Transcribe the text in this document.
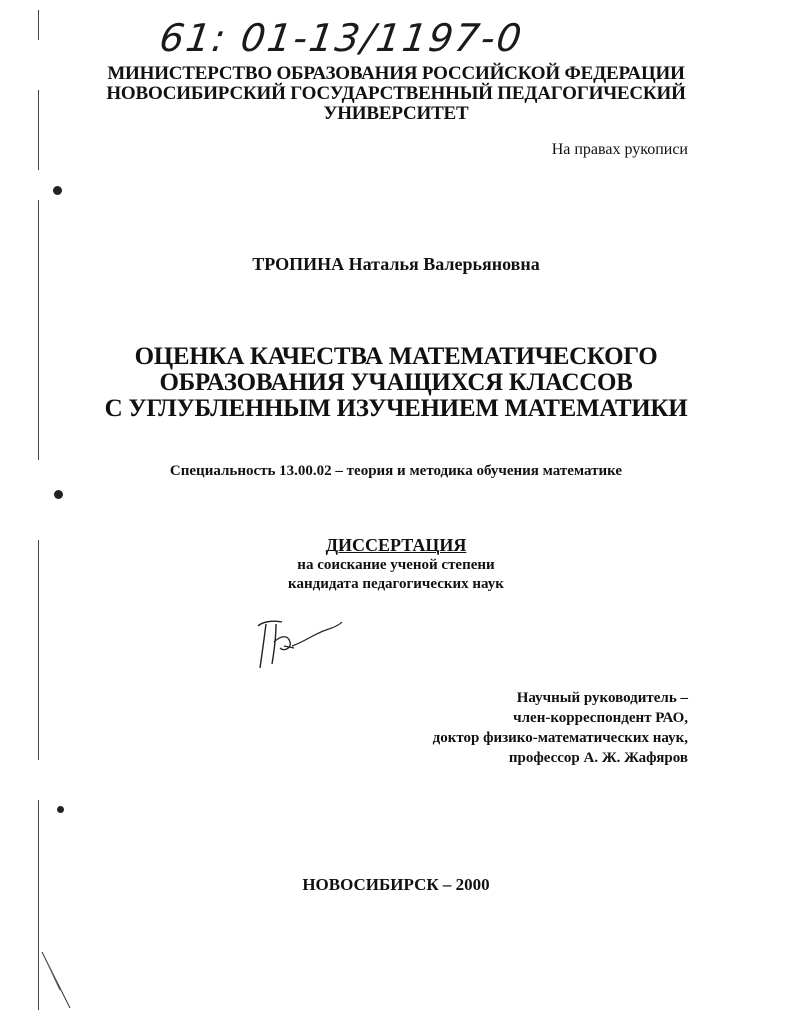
61: 01-13/1197-0
МИНИСТЕРСТВО ОБРАЗОВАНИЯ РОССИЙСКОЙ ФЕДЕРАЦИИ
НОВОСИБИРСКИЙ ГОСУДАРСТВЕННЫЙ ПЕДАГОГИЧЕСКИЙ
УНИВЕРСИТЕТ
На правах рукописи
ТРОПИНА Наталья Валерьяновна
ОЦЕНКА КАЧЕСТВА МАТЕМАТИЧЕСКОГО
ОБРАЗОВАНИЯ УЧАЩИХСЯ КЛАССОВ
С УГЛУБЛЕННЫМ ИЗУЧЕНИЕМ МАТЕМАТИКИ
Специальность 13.00.02 – теория и методика обучения математике
ДИССЕРТАЦИЯ
на соискание ученой степени
кандидата педагогических наук
Научный руководитель –
член-корреспондент РАО,
доктор физико-математических наук,
профессор А. Ж. Жафяров
НОВОСИБИРСК – 2000
